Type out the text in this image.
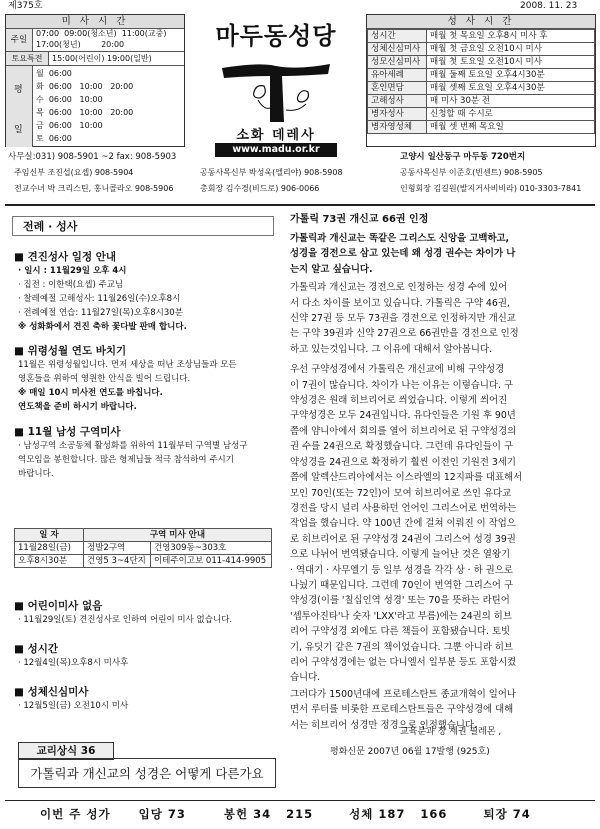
제375호	2008. 11. 23
미 사 시 간
주일
07:00  09:00(청소년)  11:00(교중)
17:00(청년)        20:00
토요특전	15:00(어린이) 19:00(일반)
평
일
월 06:00
화 06:00   10:00   20:00
수 06:00   10:00
목 06:00   10:00   20:00
금 06:00   10:00
토 06:00
마두동성당
소화 데레사
www.madu.or.kr
성 사 시 간
성시간	매월 첫 목요일 오후8시 미사 후
성체신심미사	매월 첫 금요일 오전10시 미사
성모신심미사	매월 첫 토요일 오전10시 미사
유아세례	매월 둘째 토요일 오후4시30분
혼인면담	매월 셋째 토요일 오후4시30분
고해성사	매 미사 30분 전
병자성사	신청할 때 수시로
병자영성체	매월 셋 번째 목요일
사무실:031) 908-5901 ~2 fax: 908-5903	고양시 일산동구 마두동 720번지
주임신부 조진섭(요셉) 908-5904	공동사목신부 박성욱(엘리야) 908-5908	공동사목신부 이준호(빈센트) 908-5905
전교수녀 박 크리스틴, 홍니콜라오 908-5906	총회장 김수경(비드로) 906-0066	인형회장 김길원(발지거사비비라) 010-3303-7841
전례 · 성사
■ 견진성사 일정 안내
· 일시 : 11월29일 오후 4시
· 집전 : 이한택(요셉) 주교님
· 찰레예절 고해성사: 11월26일(수)오후8시
· 전례예절 연습: 11월27일(목)오후8시30분
※ 성화화에서 견진 축하 꽃다발 판매 합니다.
■ 위령성월 연도 바치기
11월은 위령성월입니다. 먼저 세상을 떠난 조상님들과 모든
영혼들을 위하여 영원한 안식을 빌어 드립니다.
※ 매일 10시 미사전 연도를 바칩니다.
연도책을 준비 하시기 바랍니다.
■ 11월 남성 구역미사
· 남성구역 소공동체 활성화를 위하여 11월부터 구역별 남성구
역모임을 봉헌합니다. 많은 형제님들 적극 참석하여 주시기
바랍니다.
일 자	구역 미사 안내	
11월28일(금)	정발2구역	건영309동~303호
오후8시30분	건영5 3~4단지	이테주이고보 011-414-9905
■ 어린이미사 없음
· 11월29일(토) 견진성사로 인하여 어린이 미사 없습니다.
■ 성시간
· 12월4일(목)오후8시 미사후
■ 성체신심미사
· 12월5일(금) 오전10시 미사
교리상식 36
가톨릭과 개신교의 성경은 어떻게 다른가요
가톨릭 73권 개신교 66권 인정
가톨릭과 개신교는 똑같은 그리스도 신앙을 고백하고,
성경을 경전으로 삼고 있는데 왜 성경 권수는 차이가 나
는지 알고 싶습니다.
가톨릭과 개신교는 경전으로 인정하는 성경 수에 있어
서 다소 차이를 보이고 있습니다. 가톨릭은 구약 46권,
신약 27권 등 모두 73권을 경전으로 인정하지만 개신교
는 구약 39권과 신약 27권으로 66권만을 경전으로 인정
하고 있는것입니다. 그 이유에 대해서 알아봅니다.
우선 구약성경에서 가톨릭은 개신교에 비해 구약성경
이 7권이 많습니다. 차이가 나는 이유는 이렇습니다. 구
약성경은 원래 히브리어로 씌었습니다. 이렇게 씌어진
구약성경은 모두 24권입니다. 유다인들은 기원 후 90년
쯤에 얌니아에서 회의를 열어 히브리어로 된 구약성경의
권 수를 24권으로 확정했습니다. 그런데 유다인들이 구
약성경을 24권으로 확정하기 훨씬 이전인 기원전 3세기
쯤에 알렉산드리아에서는 이스라엘의 12지파를 대표해서
모인 70인(또는 72인)이 모여 히브리어로 쓰인 유다교
경전을 당시 널리 사용하던 언어인 그리스어로 번역하는
작업을 했습니다. 약 100년 간에 걸쳐 이뤄진 이 작업으
로 히브리어로 된 구약성경 24권이 그리스어 성경 39권
으로 나뉘어 번역됐습니다. 이렇게 늘어난 것은 열왕기
· 역대기 · 사무엘기 등 일부 성경을 각각 상 · 하 권으로
나눴기 때문입니다. 그런데 70인이 번역한 그리스어 구
약성경(이를 '칠십인역 성경' 또는 70을 뜻하는 라틴어
'셉투아진타'나 숫자 'LXX'라고 부름)에는 24권의 히브
리어 구약성경 외에도 다른 책들이 포함됐습니다. 토빗
기, 유딧기 같은 7권의 책이었습니다. 그뿐 아니라 히브
리어 구약성경에는 없는 다니엘서 일부분 등도 포함시켰
습니다.
그러다가 1500년대에 프로테스탄트 종교개혁이 일어나
면서 루터를 비롯한 프로테스탄트들은 구약성경에 대해
서는 히브리어 성경만 정경으로 인정했습니다.
교육분과 장 세권 필레몬 ,
평화신문 2007년 06월 17발행 (925호)
이번 주 성가 입당 73	봉헌 34   215	성체 187   166	퇴장 74
